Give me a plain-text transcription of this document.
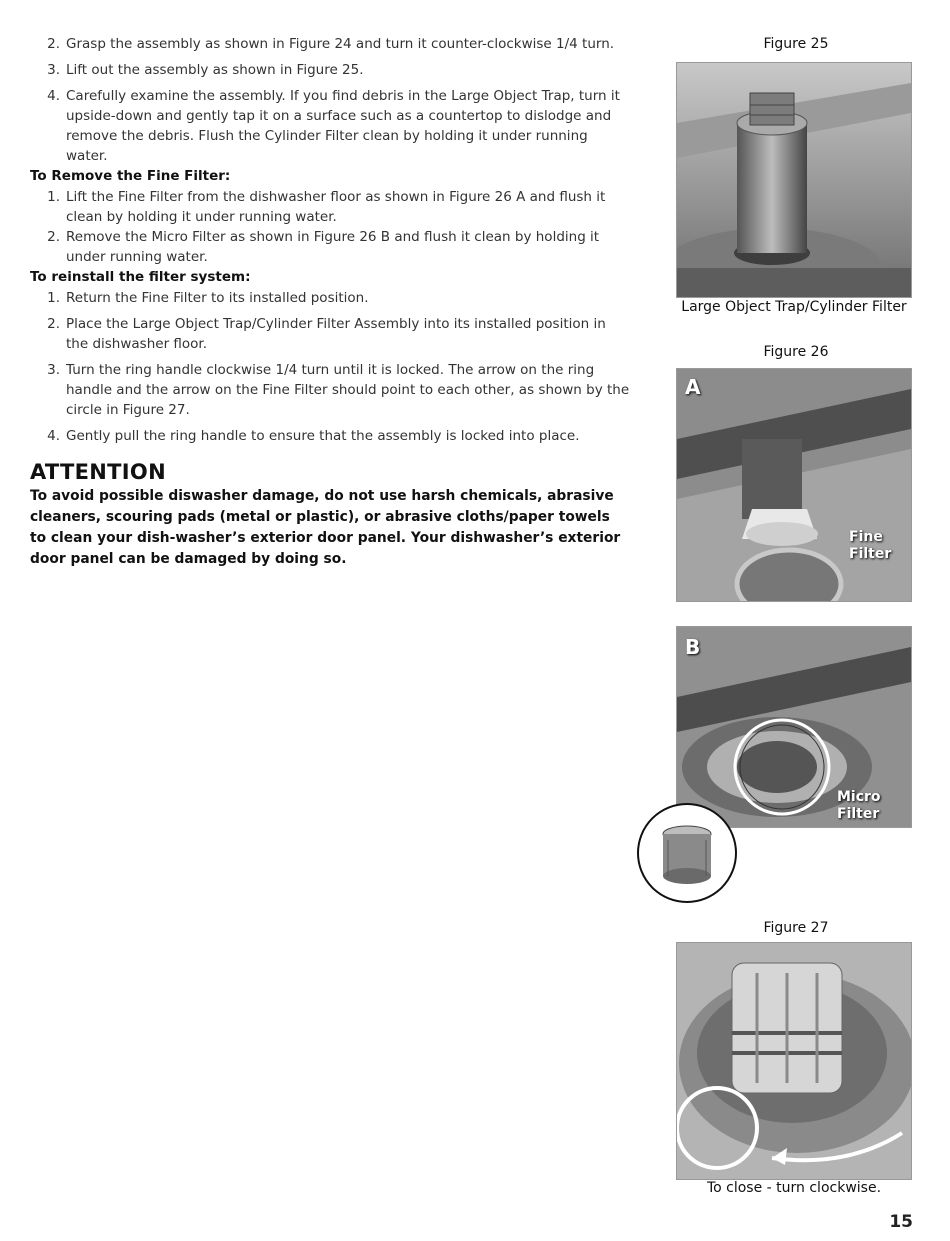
2. Grasp the assembly as shown in Figure 24 and turn it counter-clockwise 1/4 turn.
3. Lift out the assembly as shown in Figure 25.
4. Carefully examine the assembly. If you find debris in the Large Object Trap, turn it upside-down and gently tap it on a surface such as a countertop to dislodge and remove the debris. Flush the Cylinder Filter clean by holding it under running water.
To Remove the Fine Filter:
1. Lift the Fine Filter from the dishwasher floor as shown in Figure 26 A and flush it clean by holding it under running water.
2. Remove the Micro Filter as shown in Figure 26 B and flush it clean by holding it under running water.
To reinstall the filter system:
1. Return the Fine Filter to its installed position.
2. Place the Large Object Trap/Cylinder Filter Assembly into its installed position in the dishwasher floor.
3. Turn the ring handle clockwise 1/4 turn until it is locked. The arrow on the ring handle and the arrow on the Fine Filter should point to each other, as shown by the circle in Figure 27.
4. Gently pull the ring handle to ensure that the assembly is locked into place.
ATTENTION
To avoid possible diswasher damage, do not use harsh chemicals, abrasive cleaners, scouring pads (metal or plastic), or abrasive cloths/paper towels to clean your dish-washer’s exterior door panel. Your dishwasher’s exterior door panel can be damaged by doing so.
Figure 25
Large Object Trap/Cylinder Filter
Figure 26
A
Fine
Filter
B
Micro
Filter
Figure 27
To close - turn clockwise.
15
